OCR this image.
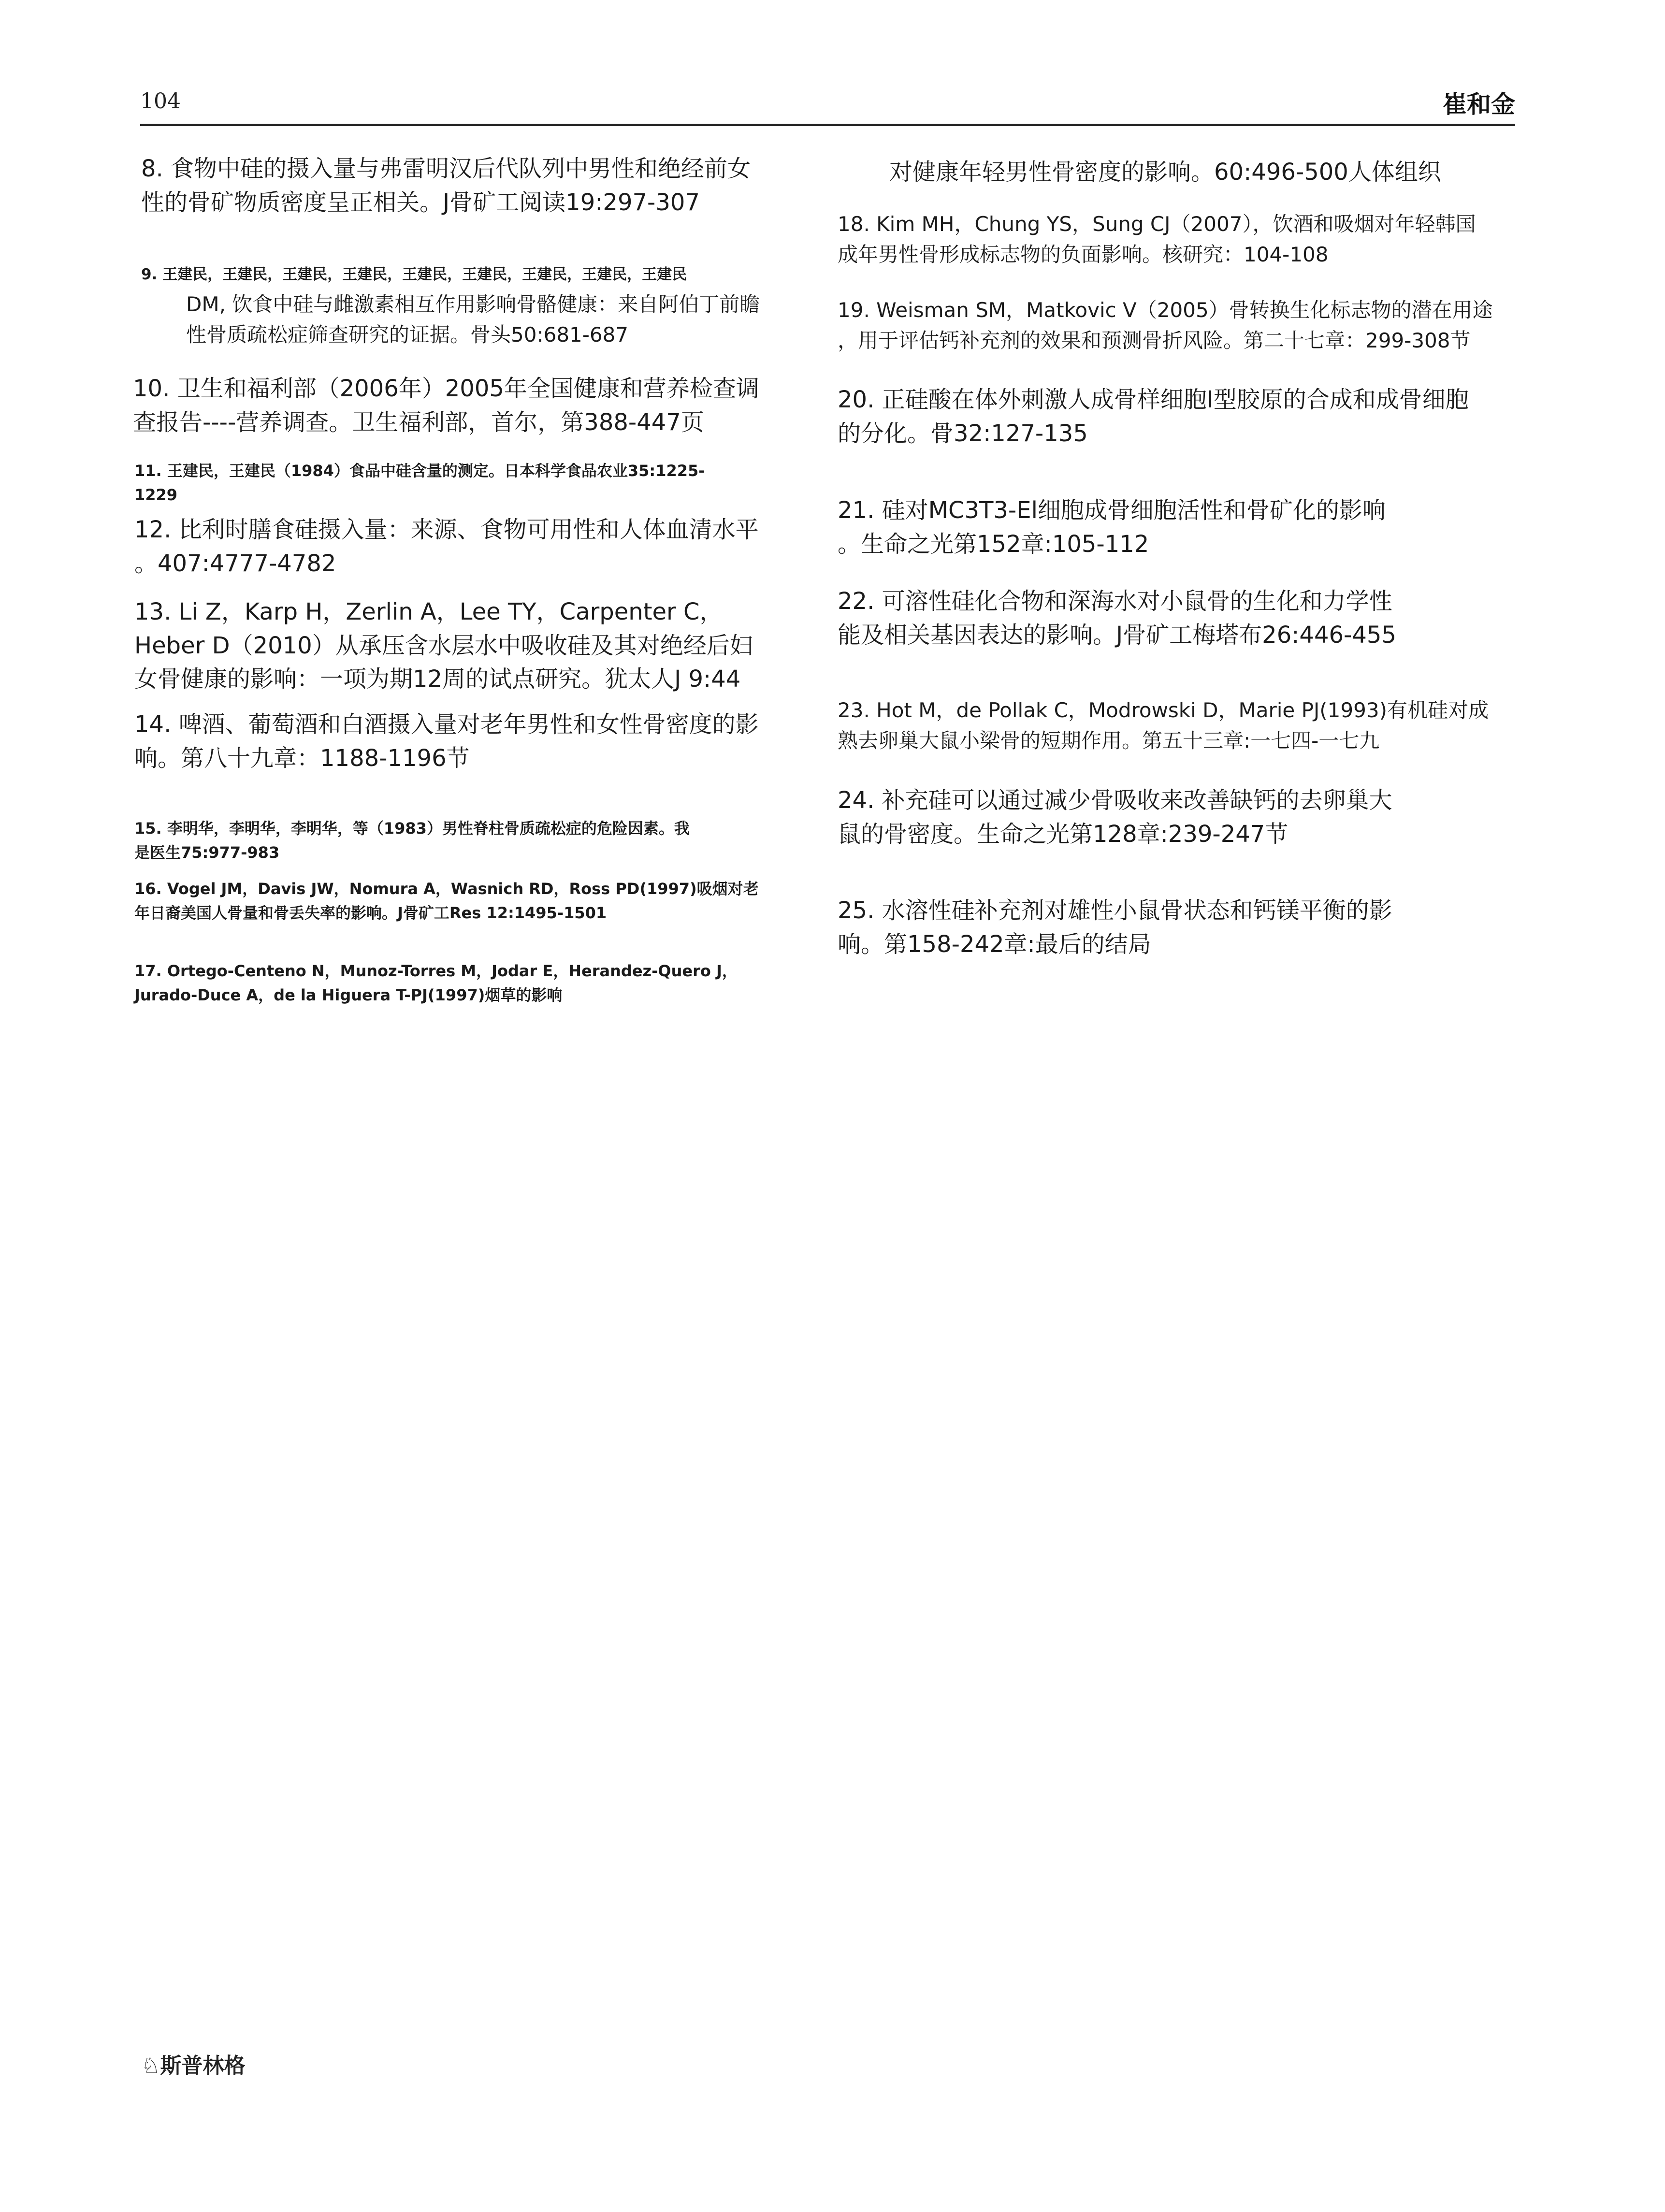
104	崔和金

8. 食物中硅的摄入量与弗雷明汉后代队列中男性和绝经前女
性的骨矿物质密度呈正相关。J骨矿工阅读19:297-307

9. 王建民，王建民，王建民，王建民，王建民，王建民，王建民，王建民，王建民

DM, 饮食中硅与雌激素相互作用影响骨骼健康：来自阿伯丁前瞻
性骨质疏松症筛查研究的证据。骨头50:681-687

10. 卫生和福利部（2006年）2005年全国健康和营养检查调
查报告----营养调查。卫生福利部，首尔，第388-447页

11. 王建民，王建民（1984）食品中硅含量的测定。日本科学食品农业35:1225-
1229

12. 比利时膳食硅摄入量：来源、食物可用性和人体血清水平
。407:4777-4782

13. Li Z，Karp H，Zerlin A，Lee TY，Carpenter C，
Heber D（2010）从承压含水层水中吸收硅及其对绝经后妇
女骨健康的影响：一项为期12周的试点研究。犹太人J 9:44

14. 啤酒、葡萄酒和白酒摄入量对老年男性和女性骨密度的影
响。第八十九章：1188-1196节

15. 李明华，李明华，李明华，等（1983）男性脊柱骨质疏松症的危险因素。我
是医生75:977-983

16. Vogel JM，Davis JW，Nomura A，Wasnich RD，Ross PD(1997)吸烟对老
年日裔美国人骨量和骨丢失率的影响。J骨矿工Res 12:1495-1501

17. Ortego-Centeno N，Munoz-Torres M，Jodar E，Herandez-Quero J，
Jurado-Duce A，de la Higuera T-PJ(1997)烟草的影响

对健康年轻男性骨密度的影响。60:496-500人体组织

18. Kim MH，Chung YS，Sung CJ（2007），饮酒和吸烟对年轻韩国
成年男性骨形成标志物的负面影响。核研究：104-108

19. Weisman SM，Matkovic V（2005）骨转换生化标志物的潜在用途
，用于评估钙补充剂的效果和预测骨折风险。第二十七章：299-308节

20. 正硅酸在体外刺激人成骨样细胞I型胶原的合成和成骨细胞
的分化。骨32:127-135

21. 硅对MC3T3-El细胞成骨细胞活性和骨矿化的影响
。生命之光第152章:105-112

22. 可溶性硅化合物和深海水对小鼠骨的生化和力学性
能及相关基因表达的影响。J骨矿工梅塔布26:446-455

23. Hot M，de Pollak C，Modrowski D，Marie PJ(1993)有机硅对成
熟去卵巢大鼠小梁骨的短期作用。第五十三章:一七四-一七九

24. 补充硅可以通过减少骨吸收来改善缺钙的去卵巢大
鼠的骨密度。生命之光第128章:239-247节

25. 水溶性硅补充剂对雄性小鼠骨状态和钙镁平衡的影
响。第158-242章:最后的结局

♘斯普林格
